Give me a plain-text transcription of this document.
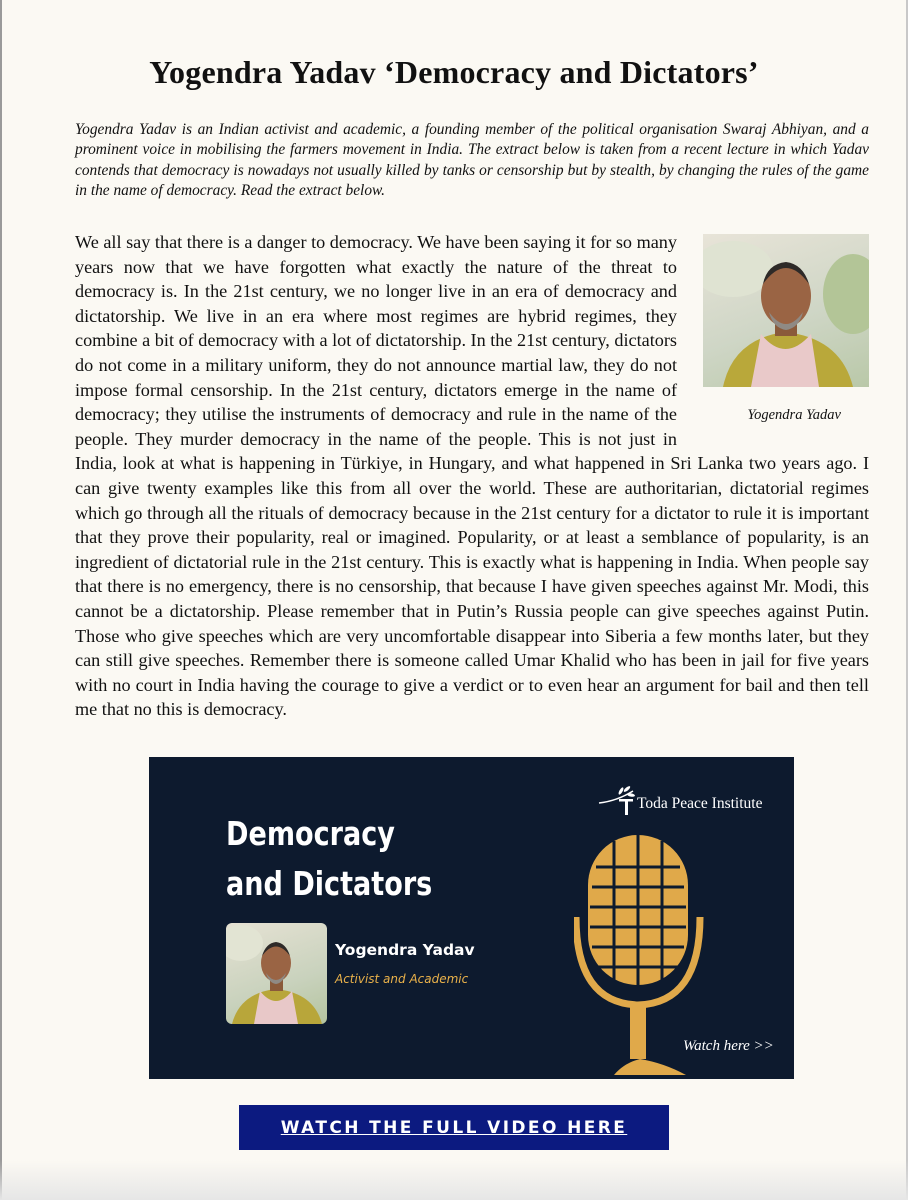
Yogendra Yadav ‘Democracy and Dictators’

Yogendra Yadav is an Indian activist and academic, a founding member of the political organisation Swaraj Abhiyan, and a prominent voice in mobilising the farmers movement in India. The extract below is taken from a recent lecture in which Yadav contends that democracy is nowadays not usually killed by tanks or censorship but by stealth, by changing the rules of the game in the name of democracy. Read the extract below.

Yogendra Yadav
We all say that there is a danger to democracy. We have been saying it for so many years now that we have forgotten what exactly the nature of the threat to democracy is. In the 21st century, we no longer live in an era of democracy and dictatorship. We live in an era where most regimes are hybrid regimes, they combine a bit of democracy with a lot of dictatorship. In the 21st century, dictators do not come in a military uniform, they do not announce martial law, they do not impose formal censorship. In the 21st century, dictators emerge in the name of democracy; they utilise the instruments of democracy and rule in the name of the people. They murder democracy in the name of the people. This is not just in India, look at what is happening in Türkiye, in Hungary, and what happened in Sri Lanka two years ago. I can give twenty examples like this from all over the world. These are authoritarian, dictatorial regimes which go through all the rituals of democracy because in the 21st century for a dictator to rule it is important that they prove their popularity, real or imagined. Popularity, or at least a semblance of popularity, is an ingredient of dictatorial rule in the 21st century. This is exactly what is happening in India. When people say that there is no emergency, there is no censorship, that because I have given speeches against Mr. Modi, this cannot be a dictatorship. Please remember that in Putin’s Russia people can give speeches against Putin. Those who give speeches which are very uncomfortable disappear into Siberia a few months later, but they can still give speeches. Remember there is someone called Umar Khalid who has been in jail for five years with no court in India having the courage to give a verdict or to even hear an argument for bail and then tell me that no this is democracy.
Democracy and Dictators
Yogendra Yadav
Activist and Academic
Toda Peace Institute
Watch here >>
WATCH THE FULL VIDEO HERE
